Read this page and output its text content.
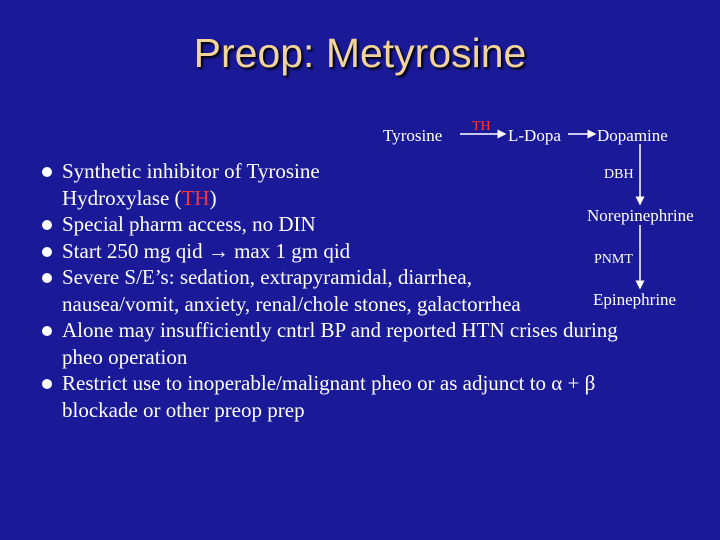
Preop: Metyrosine
Tyrosine TH L-Dopa Dopamine
DBH
Norepinephrine
PNMT
Epinephrine
Synthetic inhibitor of Tyrosine Hydroxylase (TH)
Special pharm access, no DIN
Start 250 mg qid → max 1 gm qid
Severe S/E’s: sedation, extrapyramidal, diarrhea, nausea/vomit, anxiety, renal/chole stones, galactorrhea
Alone may insufficiently cntrl BP and reported HTN crises during pheo operation
Restrict use to inoperable/malignant pheo or as adjunct to α + β blockade or other preop prep
